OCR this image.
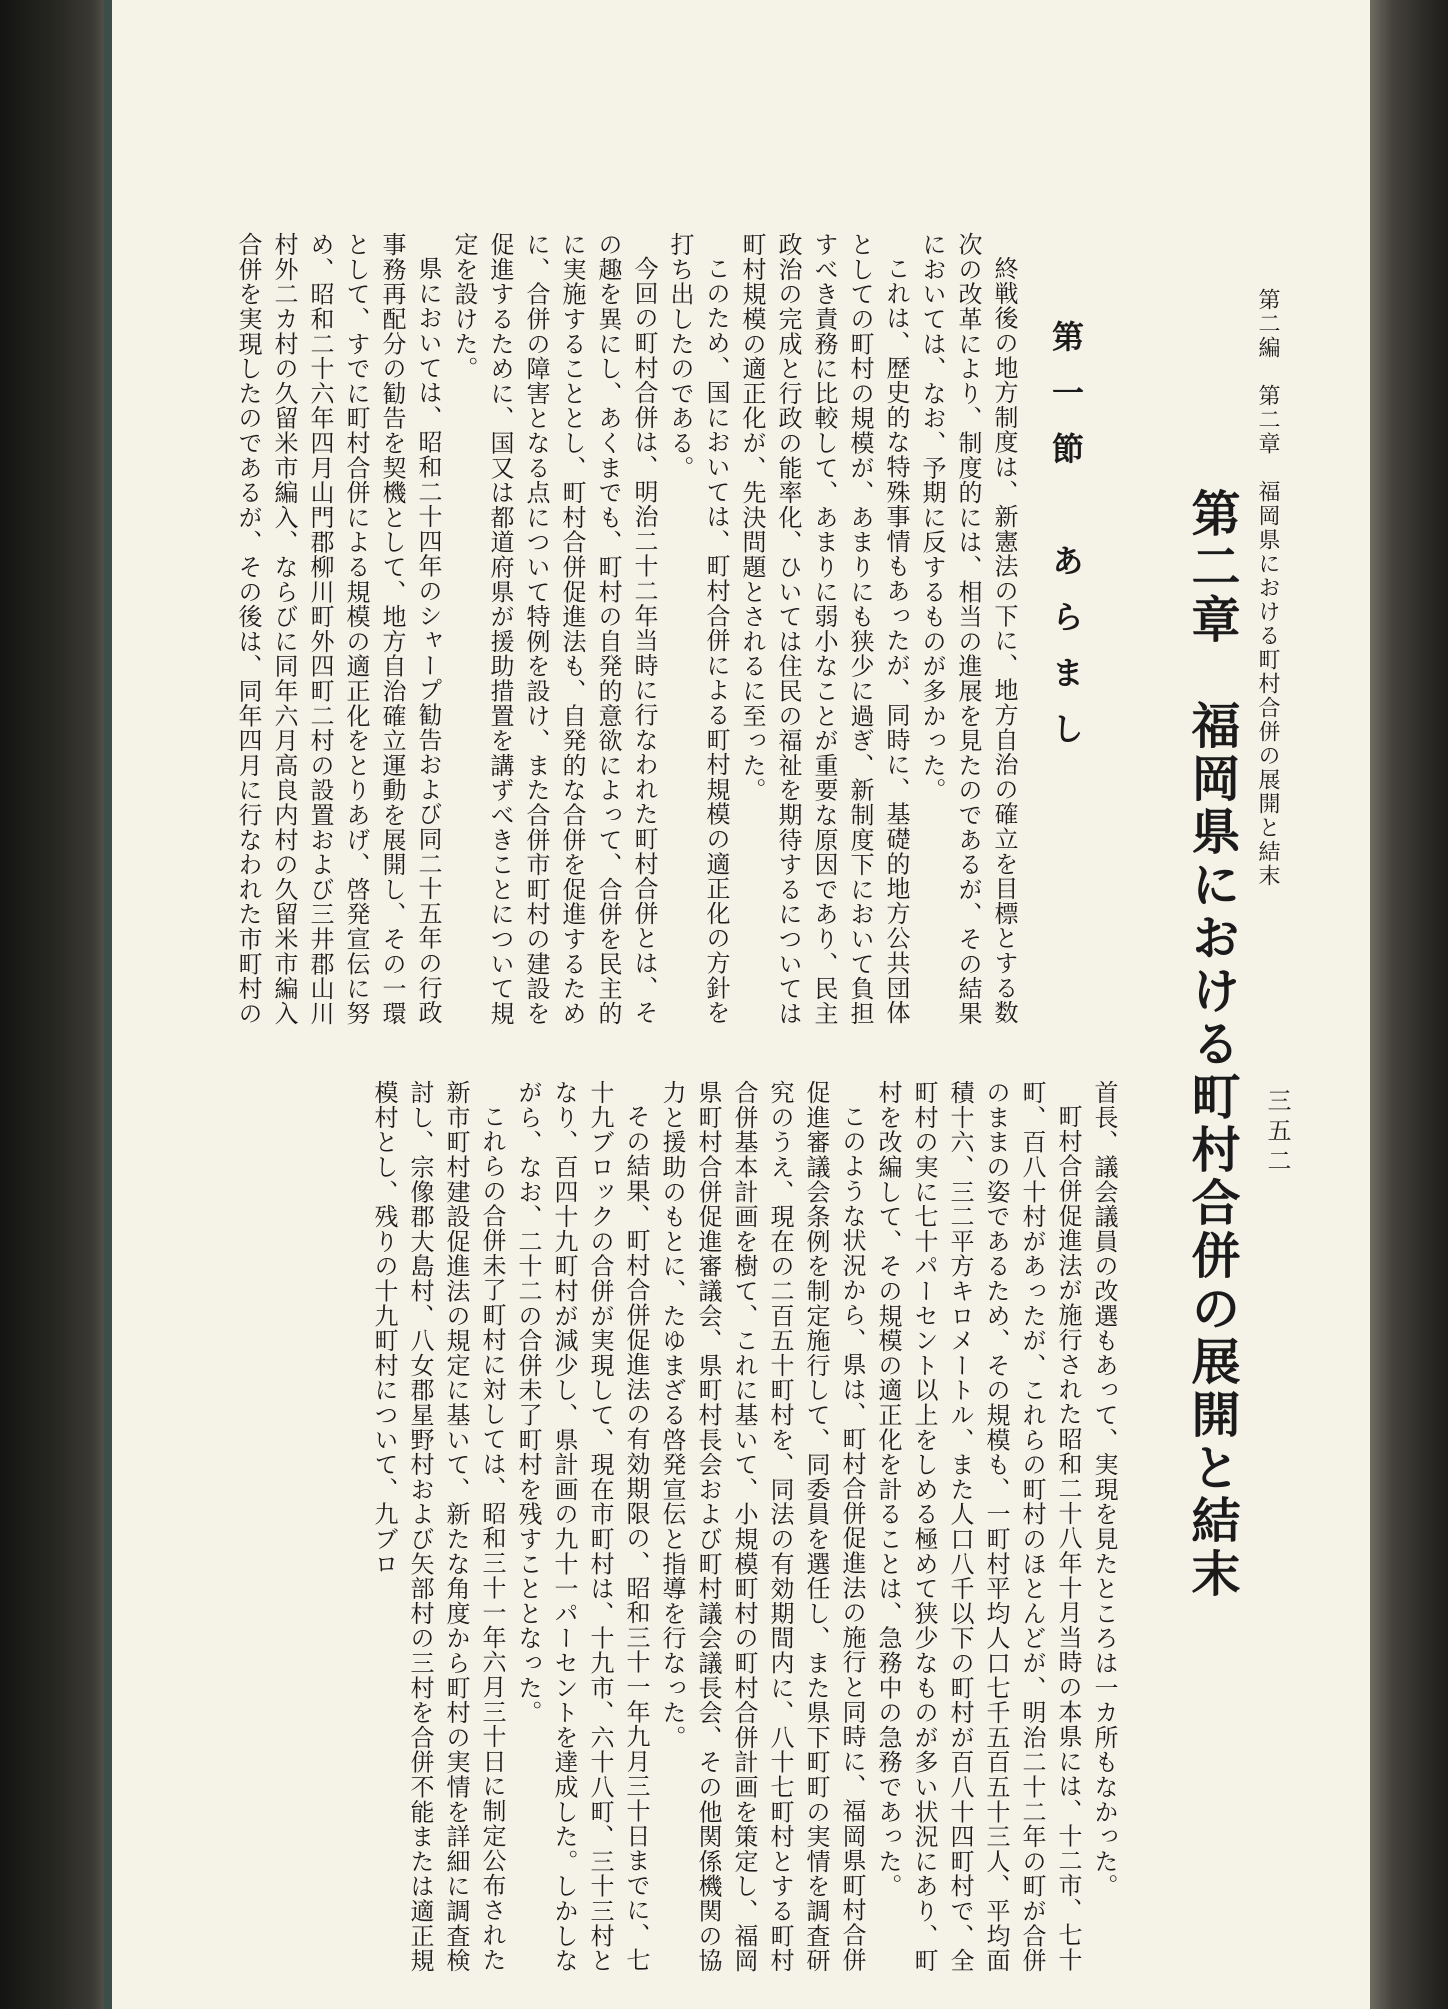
第二編　第二章　福岡県における町村合併の展開と結末
三五二
第二章　福岡県における町村合併の展開と結末
第一節　あらまし

終戦後の地方制度は、新憲法の下に、地方自治の確立を目標とする数次の改革により、制度的には、相当の進展を見たのであるが、その結果においては、なお、予期に反するものが多かった。

これは、歴史的な特殊事情もあったが、同時に、基礎的地方公共団体としての町村の規模が、あまりにも狭少に過ぎ、新制度下において負担すべき責務に比較して、あまりに弱小なことが重要な原因であり、民主政治の完成と行政の能率化、ひいては住民の福祉を期待するについては町村規模の適正化が、先決問題とされるに至った。

このため、国においては、町村合併による町村規模の適正化の方針を打ち出したのである。

今回の町村合併は、明治二十二年当時に行なわれた町村合併とは、その趣を異にし、あくまでも、町村の自発的意欲によって、合併を民主的に実施することとし、町村合併促進法も、自発的な合併を促進するために、合併の障害となる点について特例を設け、また合併市町村の建設を促進するために、国又は都道府県が援助措置を講ずべきことについて規定を設けた。

県においては、昭和二十四年のシャープ勧告および同二十五年の行政事務再配分の勧告を契機として、地方自治確立運動を展開し、その一環として、すでに町村合併による規模の適正化をとりあげ、啓発宣伝に努め、昭和二十六年四月山門郡柳川町外四町二村の設置および三井郡山川村外二カ村の久留米市編入、ならびに同年六月高良内村の久留米市編入合併を実現したのであるが、その後は、同年四月に行なわれた市町村の

首長、議会議員の改選もあって、実現を見たところは一カ所もなかった。

町村合併促進法が施行された昭和二十八年十月当時の本県には、十二市、七十町、百八十村があったが、これらの町村のほとんどが、明治二十二年の町が合併のままの姿であるため、その規模も、一町村平均人口七千五百五十三人、平均面積十六、三二平方キロメートル、また人口八千以下の町村が百八十四町村で、全町村の実に七十パーセント以上をしめる極めて狭少なものが多い状況にあり、町村を改編して、その規模の適正化を計ることは、急務中の急務であった。

このような状況から、県は、町村合併促進法の施行と同時に、福岡県町村合併促進審議会条例を制定施行して、同委員を選任し、また県下町町の実情を調査研究のうえ、現在の二百五十町村を、同法の有効期間内に、八十七町村とする町村合併基本計画を樹て、これに基いて、小規模町村の町村合併計画を策定し、福岡県町村合併促進審議会、県町村長会および町村議会議長会、その他関係機関の協力と援助のもとに、たゆまざる啓発宣伝と指導を行なった。

その結果、町村合併促進法の有効期限の、昭和三十一年九月三十日までに、七十九ブロックの合併が実現して、現在市町村は、十九市、六十八町、三十三村となり、百四十九町村が減少し、県計画の九十一パーセントを達成した。しかしながら、なお、二十二の合併未了町村を残すこととなった。

これらの合併未了町村に対しては、昭和三十一年六月三十日に制定公布された新市町村建設促進法の規定に基いて、新たな角度から町村の実情を詳細に調査検討し、宗像郡大島村、八女郡星野村および矢部村の三村を合併不能または適正規模村とし、残りの十九町村について、九ブロ
